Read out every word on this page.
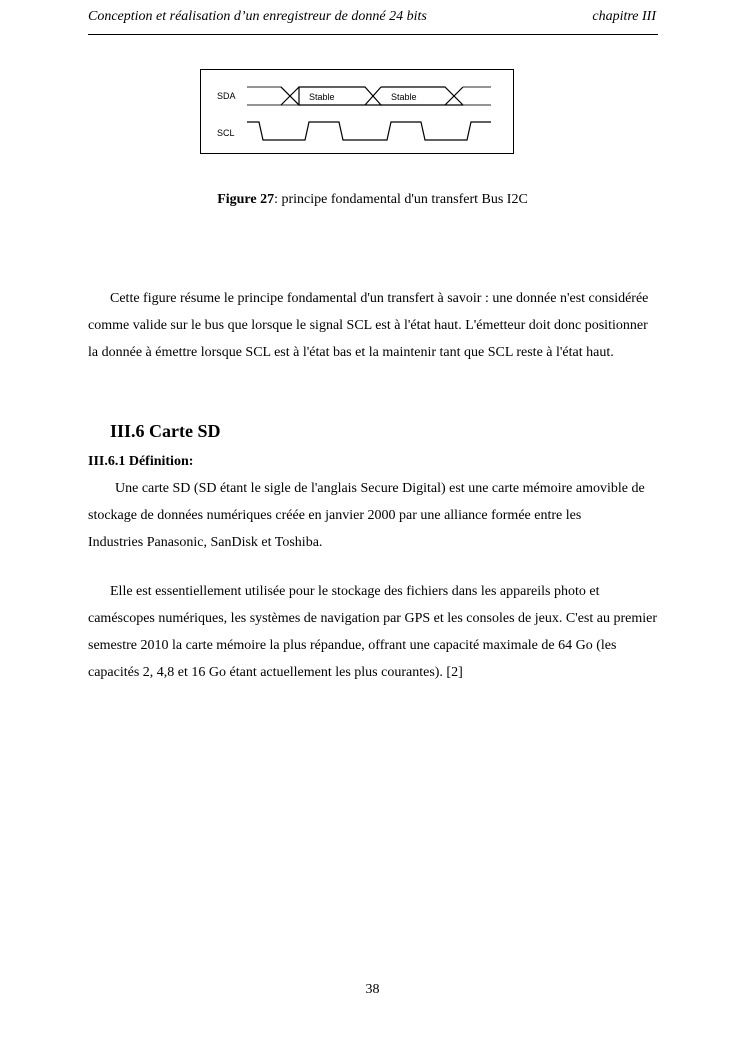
Conception et réalisation d’un enregistreur de donné 24 bits	chapitre III
SDA
SCL
Stable	Stable
Figure 27: principe fondamental d'un transfert Bus I2C
Cette figure résume le principe fondamental d'un transfert à savoir : une donnée n'est considérée comme valide sur le bus que lorsque le signal SCL est à l'état haut. L'émetteur doit donc positionner la donnée à émettre lorsque SCL est à l'état bas et la maintenir tant que SCL reste à l'état haut.
III.6 Carte SD
III.6.1 Définition:
Une carte SD (SD étant le sigle de l'anglais Secure Digital) est une carte mémoire amovible de stockage de données numériques créée en janvier 2000 par une alliance formée entre les
Industries Panasonic, SanDisk et Toshiba.
Elle est essentiellement utilisée pour le stockage des fichiers dans les appareils photo et caméscopes numériques, les systèmes de navigation par GPS et les consoles de jeux. C'est au premier semestre 2010 la carte mémoire la plus répandue, offrant une capacité maximale de 64 Go (les capacités 2, 4,8 et 16 Go étant actuellement les plus courantes). [2]
38
